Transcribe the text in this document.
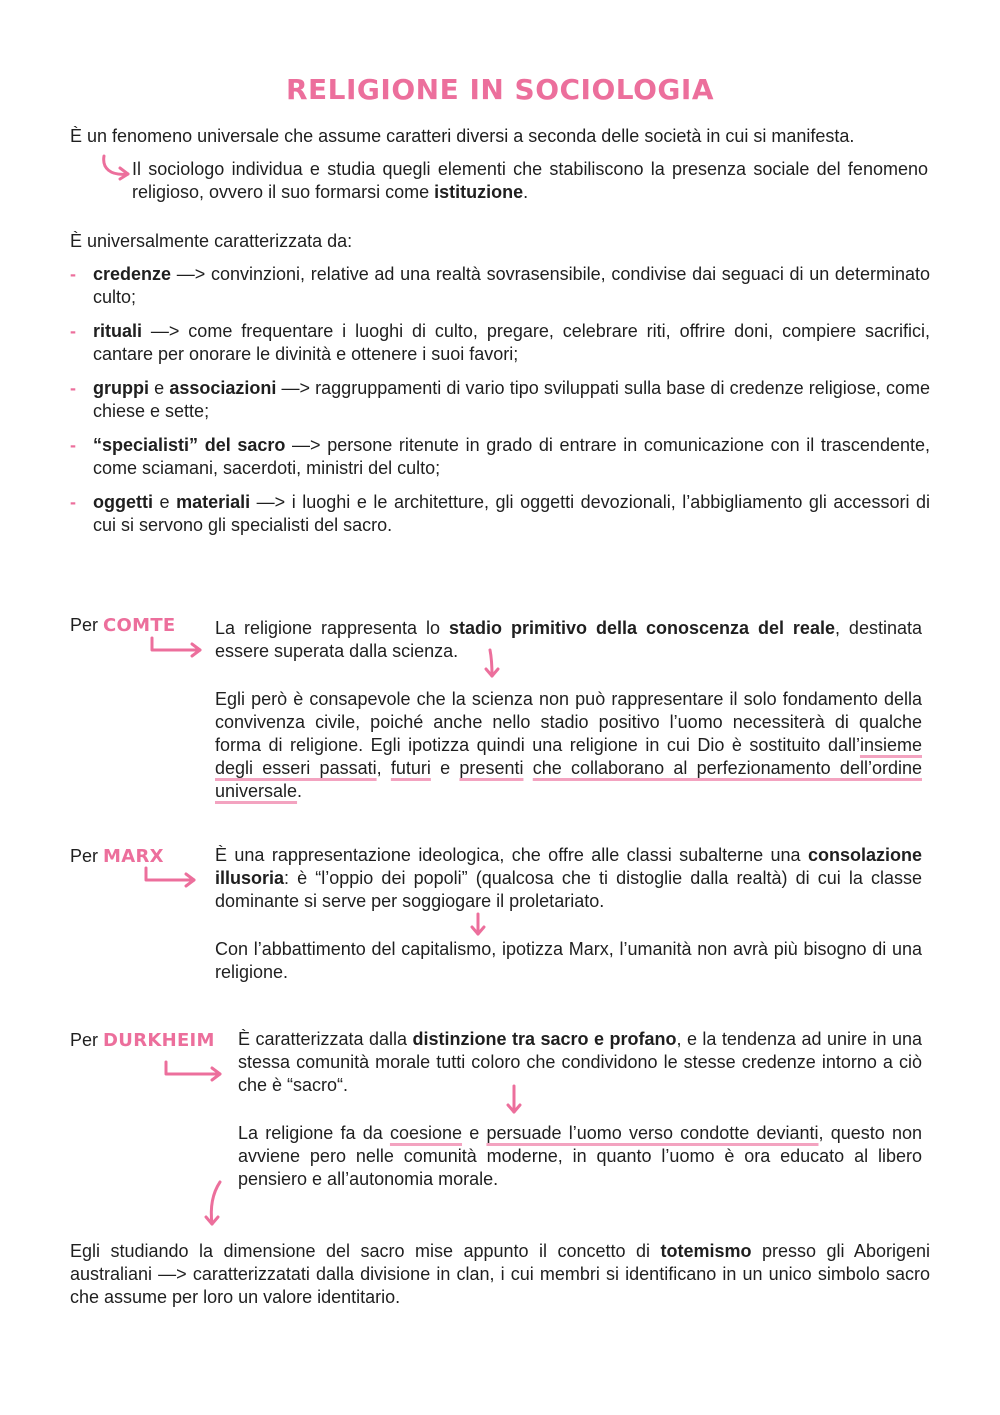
RELIGIONE IN SOCIOLOGIA

È un fenomeno universale che assume caratteri diversi a seconda delle società in cui si manifesta.

Il sociologo individua e studia quegli elementi che stabiliscono la presenza sociale del fenomeno religioso, ovvero il suo formarsi come istituzione.

È universalmente caratterizzata da:

- credenze —> convinzioni, relative ad una realtà sovrasensibile, condivise dai seguaci di un determinato culto;
- rituali —> come frequentare i luoghi di culto, pregare, celebrare riti, offrire doni, compiere sacrifici, cantare per onorare le divinità e ottenere i suoi favori;
- gruppi e associazioni —> raggruppamenti di vario tipo sviluppati sulla base di credenze religiose, come chiese e sette;
- “specialisti” del sacro —> persone ritenute in grado di entrare in comunicazione con il trascendente, come sciamani, sacerdoti, ministri del culto;
- oggetti e materiali —> i luoghi e le architetture, gli oggetti devozionali, l’abbigliamento gli accessori di cui si servono gli specialisti del sacro.
Per COMTE La religione rappresenta lo stadio primitivo della conoscenza del reale, destinata essere superata dalla scienza.

Egli però è consapevole che la scienza non può rappresentare il solo fondamento della convivenza civile, poiché anche nello stadio positivo l’uomo necessiterà di qualche forma di religione. Egli ipotizza quindi una religione in cui Dio è sostituito dall’insieme degli esseri passati, futuri e presenti che collaborano al perfezionamento dell’ordine universale.

Per MARX	È una rappresentazione ideologica, che offre alle classi subalterne una consolazione illusoria: è “l’oppio dei popoli” (qualcosa che ti distoglie dalla realtà) di cui la classe dominante si serve per soggiogare il proletariato.

Con l’abbattimento del capitalismo, ipotizza Marx, l’umanità non avrà più bisogno di una religione.

Per DURKHEIM È caratterizzata dalla distinzione tra sacro e profano, e la tendenza ad unire in una stessa comunità morale tutti coloro che condividono le stesse credenze intorno a ciò che è “sacro“.

La religione fa da coesione e persuade l’uomo verso condotte devianti, questo non avviene pero nelle comunità moderne, in quanto l’uomo è ora educato al libero pensiero e all’autonomia morale.

Egli studiando la dimensione del sacro mise appunto il concetto di totemismo presso gli Aborigeni australiani —> caratterizzatati dalla divisione in clan, i cui membri si identificano in un unico simbolo sacro che assume per loro un valore identitario.
